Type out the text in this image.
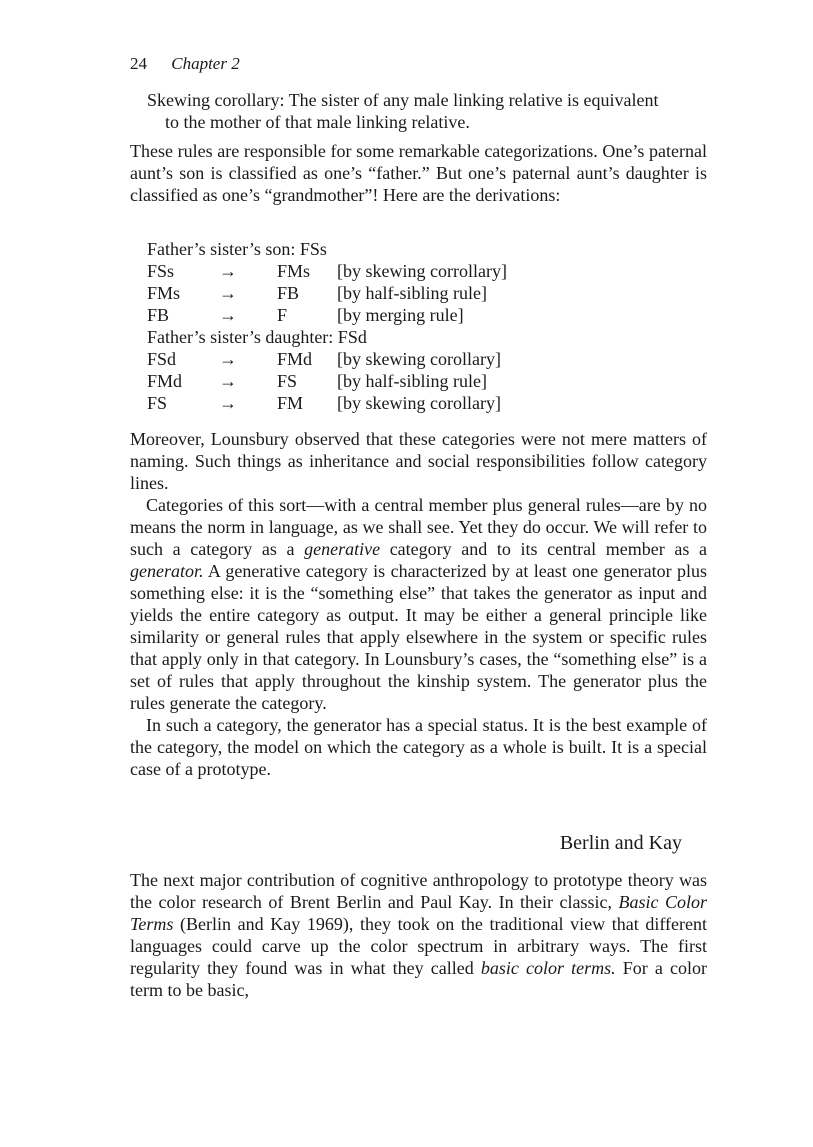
24 Chapter 2
Skewing corollary: The sister of any male linking relative is equivalent
to the mother of that male linking relative.

These rules are responsible for some remarkable categorizations. One’s paternal aunt’s son is classified as one’s “father.” But one’s paternal aunt’s daughter is classified as one’s “grandmother”! Here are the derivations:

Father’s sister’s son: FSs
FSs	→	FMs	[by skewing corrollary]
FMs	→	FB	[by half-sibling rule]
FB	→	F	[by merging rule]
Father’s sister’s daughter: FSd
FSd	→	FMd	[by skewing corollary]
FMd	→	FS	[by half-sibling rule]
FS	→	FM	[by skewing corollary]

Moreover, Lounsbury observed that these categories were not mere matters of naming. Such things as inheritance and social responsibilities follow category lines.

Categories of this sort—with a central member plus general rules—are by no means the norm in language, as we shall see. Yet they do occur. We will refer to such a category as a generative category and to its central member as a generator. A generative category is characterized by at least one generator plus something else: it is the “something else” that takes the generator as input and yields the entire category as output. It may be either a general principle like similarity or general rules that apply elsewhere in the system or specific rules that apply only in that category. In Lounsbury’s cases, the “something else” is a set of rules that apply throughout the kinship system. The generator plus the rules generate the category.

In such a category, the generator has a special status. It is the best example of the category, the model on which the category as a whole is built. It is a special case of a prototype.

Berlin and Kay

The next major contribution of cognitive anthropology to prototype theory was the color research of Brent Berlin and Paul Kay. In their classic, Basic Color Terms (Berlin and Kay 1969), they took on the traditional view that different languages could carve up the color spectrum in arbitrary ways. The first regularity they found was in what they called basic color terms. For a color term to be basic,
